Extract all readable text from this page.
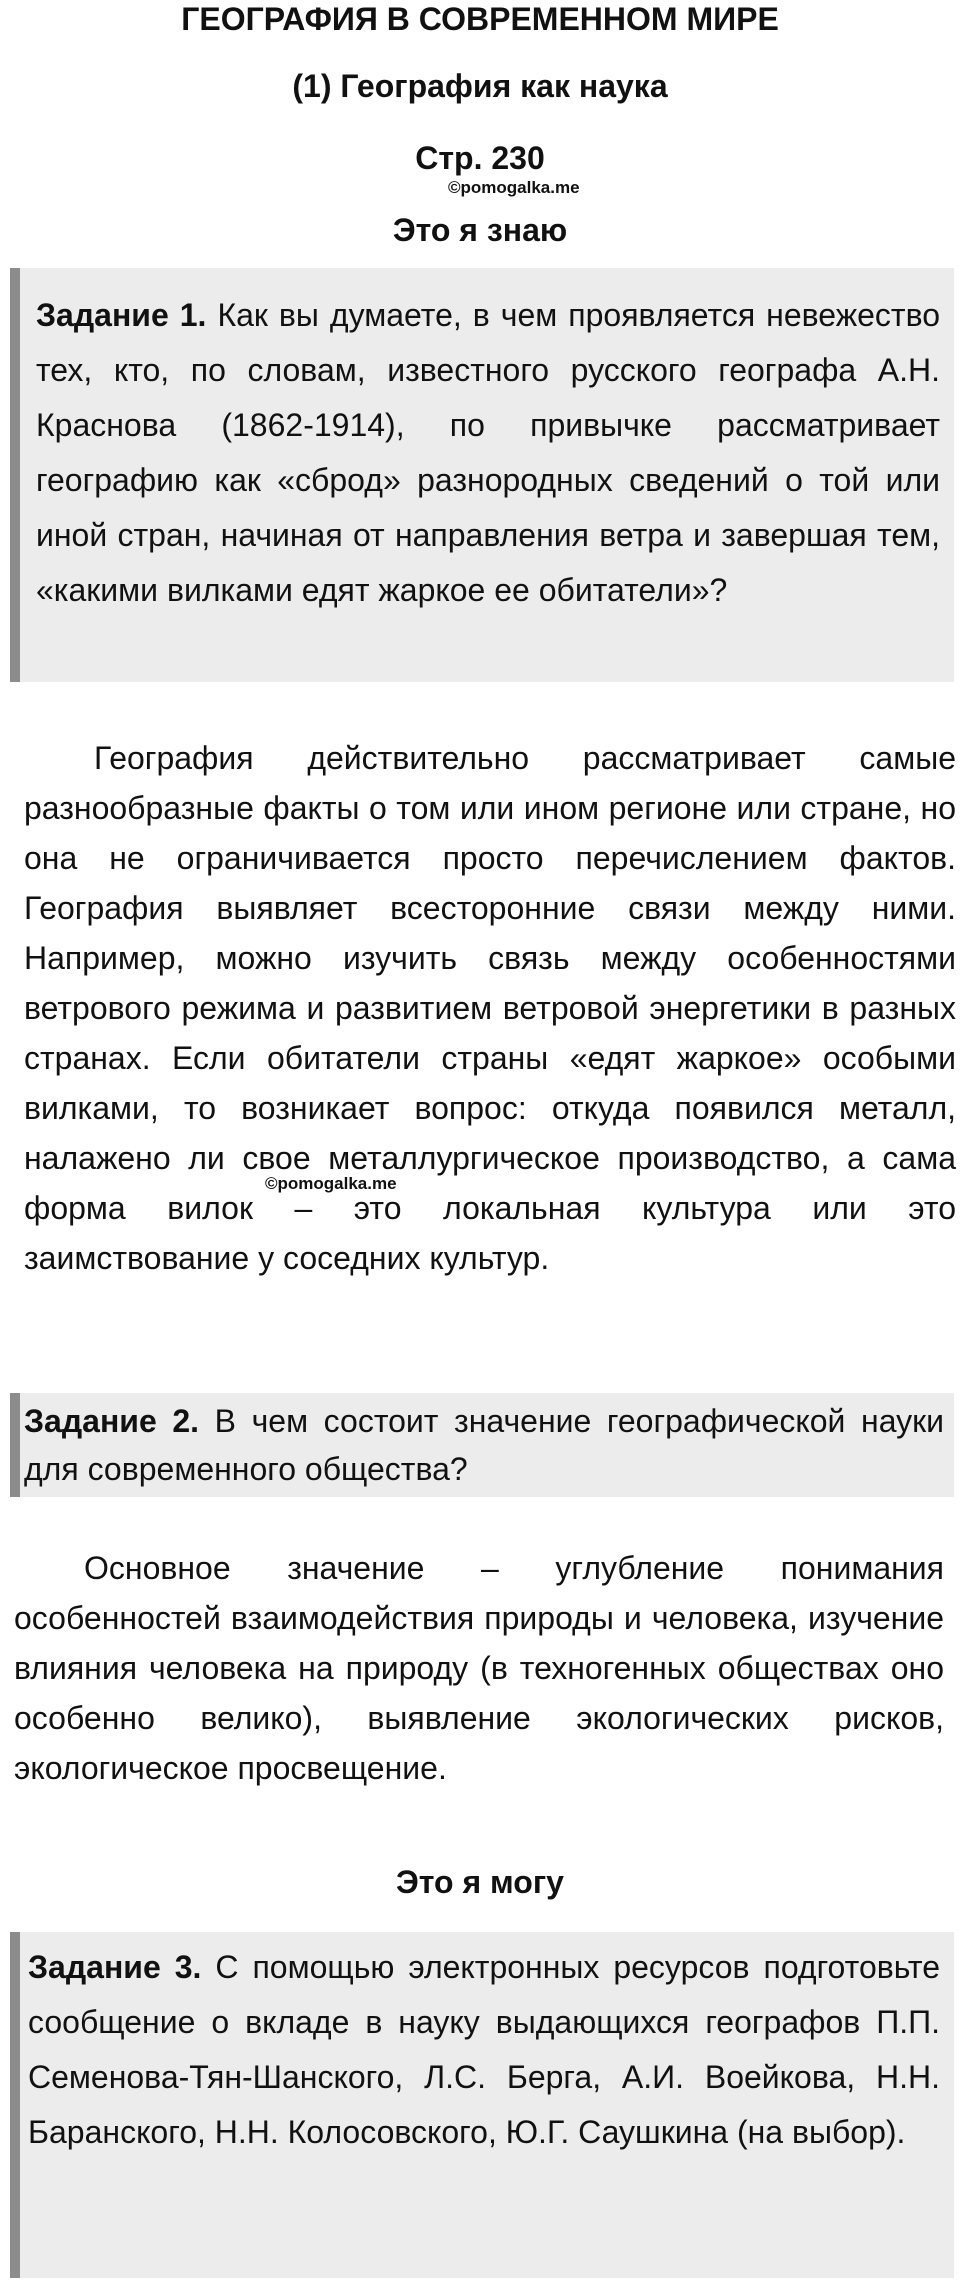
ГЕОГРАФИЯ В СОВРЕМЕННОМ МИРЕ
(1) География как наука
Стр. 230
©pomogalka.me
Это я знаю
Задание 1. Как вы думаете, в чем проявляется невежество тех, кто, по словам, известного русского географа А.Н. Краснова (1862-1914), по привычке рассматривает географию как «сброд» разнородных сведений о той или иной стран, начиная от направления ветра и завершая тем, «какими вилками едят жаркое ее обитатели»?
География действительно рассматривает самые разнообразные факты о том или ином регионе или стране, но она не ограничивается просто перечислением фактов. География выявляет всесторонние связи между ними. Например, можно изучить связь между особенностями ветрового режима и развитием ветровой энергетики в разных странах. Если обитатели страны «едят жаркое» особыми вилками, то возникает вопрос: откуда появился металл, налажено ли свое металлургическое производство, а сама форма вилок – это локальная культура или это заимствование у соседних культур.
©pomogalka.me
Задание 2. В чем состоит значение географической науки для современного общества?
Основное значение – углубление понимания особенностей взаимодействия природы и человека, изучение влияния человека на природу (в техногенных обществах оно особенно велико), выявление экологических рисков, экологическое просвещение.
Это я могу
Задание 3. С помощью электронных ресурсов подготовьте сообщение о вкладе в науку выдающихся географов П.П. Семенова-Тян-Шанского, Л.С. Берга, А.И. Воейкова, Н.Н. Баранского, Н.Н. Колосовского, Ю.Г. Саушкина (на выбор).
